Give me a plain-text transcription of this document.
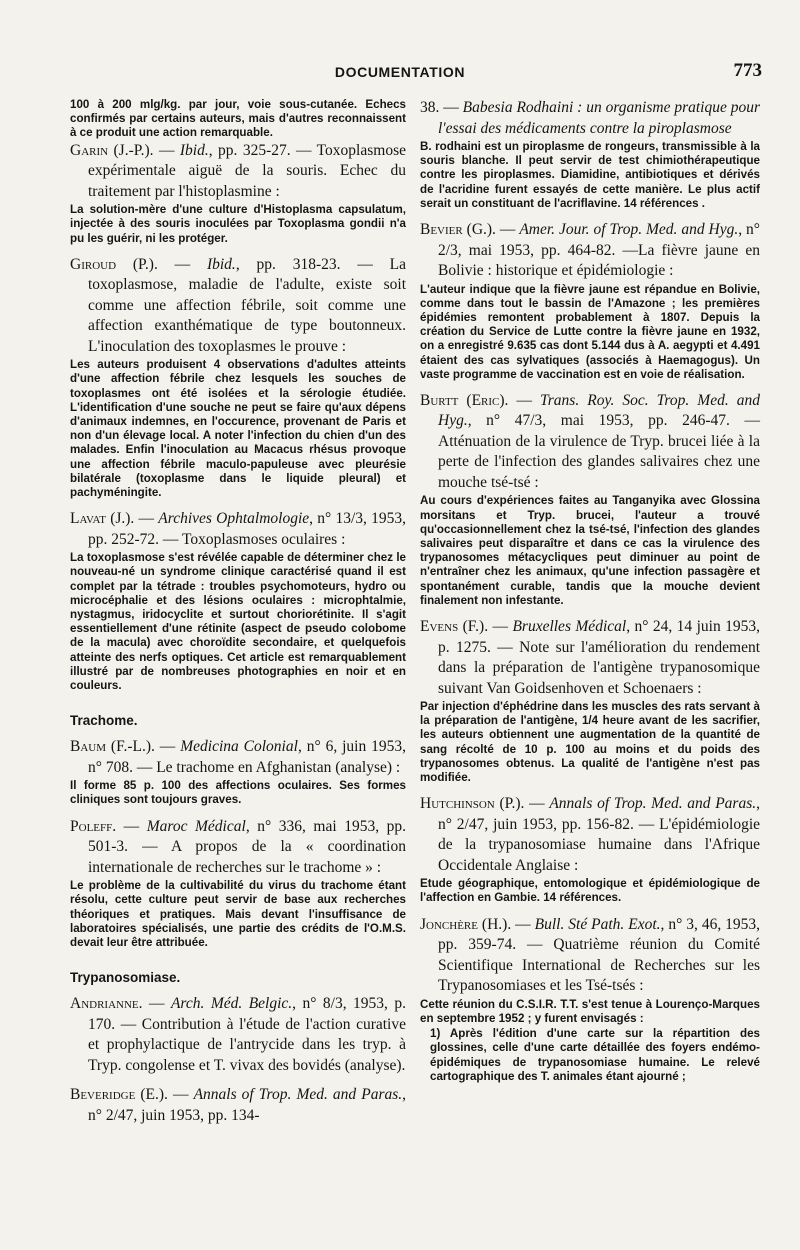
DOCUMENTATION	773

100 à 200 mlg/kg. par jour, voie sous-cutanée. Echecs confirmés par certains auteurs, mais d'autres reconnaissent à ce produit une action remarquable.

Garin (J.-P.). — Ibid., pp. 325-27. — Toxoplasmose expérimentale aiguë de la souris. Echec du traitement par l'histoplasmine :

La solution-mère d'une culture d'Histoplasma capsulatum, injectée à des souris inoculées par Toxoplasma gondii n'a pu les guérir, ni les protéger.

Giroud (P.). — Ibid., pp. 318-23. — La toxoplasmose, maladie de l'adulte, existe soit comme une affection fébrile, soit comme une affection exanthématique de type boutonneux. L'inoculation des toxoplasmes le prouve :

Les auteurs produisent 4 observations d'adultes atteints d'une affection fébrile chez lesquels les souches de toxoplasmes ont été isolées et la sérologie étudiée. L'identification d'une souche ne peut se faire qu'aux dépens d'animaux indemnes, en l'occurence, provenant de Paris et non d'un élevage local. A noter l'infection du chien d'un des malades. Enfin l'inoculation au Macacus rhésus provoque une affection fébrile maculo-papuleuse avec pleurésie bilatérale (toxoplasme dans le liquide pleural) et pachyméningite.

Lavat (J.). — Archives Ophtalmologie, n° 13/3, 1953, pp. 252-72. — Toxoplasmoses oculaires :

La toxoplasmose s'est révélée capable de déterminer chez le nouveau-né un syndrome clinique caractérisé quand il est complet par la tétrade : troubles psychomoteurs, hydro ou microcéphalie et des lésions oculaires : microphtalmie, nystagmus, iridocyclite et surtout choriorétinite. Il s'agit essentiellement d'une rétinite (aspect de pseudo colobome de la macula) avec choroïdite secondaire, et quelquefois atteinte des nerfs optiques. Cet article est remarquablement illustré par de nombreuses photographies en noir et en couleurs.

Trachome.

Baum (F.-L.). — Medicina Colonial, n° 6, juin 1953, n° 708. — Le trachome en Afghanistan (analyse) :

Il forme 85 p. 100 des affections oculaires. Ses formes cliniques sont toujours graves.

Poleff. — Maroc Médical, n° 336, mai 1953, pp. 501-3. — A propos de la « coordination internationale de recherches sur le trachome » :

Le problème de la cultivabilité du virus du trachome étant résolu, cette culture peut servir de base aux recherches théoriques et pratiques. Mais devant l'insuffisance de laboratoires spécialisés, une partie des crédits de l'O.M.S. devait leur être attribuée.

Trypanosomiase.

Andrianne. — Arch. Méd. Belgic., n° 8/3, 1953, p. 170. — Contribution à l'étude de l'action curative et prophylactique de l'antrycide dans les tryp. à Tryp. congolense et T. vivax des bovidés (analyse).

Beveridge (E.). — Annals of Trop. Med. and Paras., n° 2/47, juin 1953, pp. 134-

38. — Babesia Rodhaini : un organisme pratique pour l'essai des médicaments contre la piroplasmose

B. rodhaini est un piroplasme de rongeurs, transmissible à la souris blanche. Il peut servir de test chimiothérapeutique contre les piroplasmes. Diamidine, antibiotiques et dérivés de l'acridine furent essayés de cette manière. Le plus actif serait un constituant de l'acriflavine. 14 références .

Bevier (G.). — Amer. Jour. of Trop. Med. and Hyg., n° 2/3, mai 1953, pp. 464-82. —La fièvre jaune en Bolivie : historique et épidémiologie :

L'auteur indique que la fièvre jaune est répandue en Bolivie, comme dans tout le bassin de l'Amazone ; les premières épidémies remontent probablement à 1807. Depuis la création du Service de Lutte contre la fièvre jaune en 1932, on a enregistré 9.635 cas dont 5.144 dus à A. aegypti et 4.491 étaient des cas sylvatiques (associés à Haemagogus). Un vaste programme de vaccination est en voie de réalisation.

Burtt (Eric). — Trans. Roy. Soc. Trop. Med. and Hyg., n° 47/3, mai 1953, pp. 246-47. — Atténuation de la virulence de Tryp. brucei liée à la perte de l'infection des glandes salivaires chez une mouche tsé-tsé :

Au cours d'expériences faites au Tanganyika avec Glossina morsitans et Tryp. brucei, l'auteur a trouvé qu'occasionnellement chez la tsé-tsé, l'infection des glandes salivaires peut disparaître et dans ce cas la virulence des trypanosomes métacycliques peut diminuer au point de n'entraîner chez les animaux, qu'une infection passagère et spontanément curable, tandis que la mouche devient finalement non infestante.

Evens (F.). — Bruxelles Médical, n° 24, 14 juin 1953, p. 1275. — Note sur l'amélioration du rendement dans la préparation de l'antigène trypanosomique suivant Van Goidsenhoven et Schoenaers :

Par injection d'éphédrine dans les muscles des rats servant à la préparation de l'antigène, 1/4 heure avant de les sacrifier, les auteurs obtiennent une augmentation de la quantité de sang récolté de 10 p. 100 au moins et du poids des trypanosomes obtenus. La qualité de l'antigène n'est pas modifiée.

Hutchinson (P.). — Annals of Trop. Med. and Paras., n° 2/47, juin 1953, pp. 156-82. — L'épidémiologie de la trypanosomiase humaine dans l'Afrique Occidentale Anglaise :

Etude géographique, entomologique et épidémiologique de l'affection en Gambie. 14 références.

Jonchère (H.). — Bull. Sté Path. Exot., n° 3, 46, 1953, pp. 359-74. — Quatrième réunion du Comité Scientifique International de Recherches sur les Trypanosomiases et les Tsé-tsés :

Cette réunion du C.S.I.R. T.T. s'est tenue à Lourenço-Marques en septembre 1952 ; y furent envisagés :

1) Après l'édition d'une carte sur la répartition des glossines, celle d'une carte détaillée des foyers endémo-épidémiques de trypanosomiase humaine. Le relevé cartographique des T. animales étant ajourné ;
